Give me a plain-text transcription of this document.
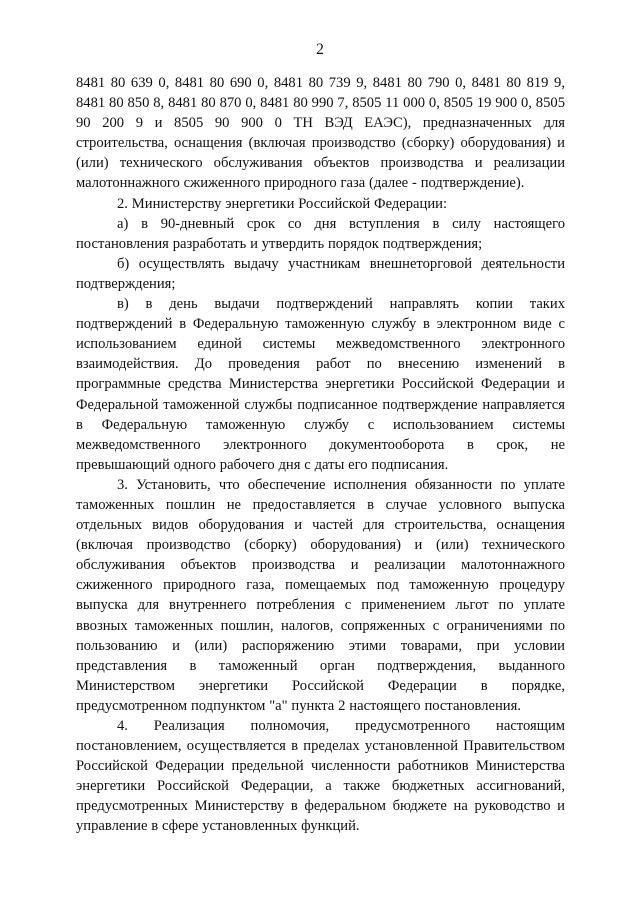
2

8481 80 639 0, 8481 80 690 0, 8481 80 739 9, 8481 80 790 0, 8481 80 819 9, 8481 80 850 8, 8481 80 870 0, 8481 80 990 7, 8505 11 000 0, 8505 19 900 0, 8505 90 200 9 и 8505 90 900 0 ТН ВЭД ЕАЭС), предназначенных для строительства, оснащения (включая производство (сборку) оборудования) и (или) технического обслуживания объектов производства и реализации малотоннажного сжиженного природного газа (далее - подтверждение).

2. Министерству энергетики Российской Федерации:

а) в 90-дневный срок со дня вступления в силу настоящего постановления разработать и утвердить порядок подтверждения;

б) осуществлять выдачу участникам внешнеторговой деятельности подтверждения;

в) в день выдачи подтверждений направлять копии таких подтверждений в Федеральную таможенную службу в электронном виде с использованием единой системы межведомственного электронного взаимодействия. До проведения работ по внесению изменений в программные средства Министерства энергетики Российской Федерации и Федеральной таможенной службы подписанное подтверждение направляется в Федеральную таможенную службу с использованием системы межведомственного электронного документооборота в срок, не превышающий одного рабочего дня с даты его подписания.

3. Установить, что обеспечение исполнения обязанности по уплате таможенных пошлин не предоставляется в случае условного выпуска отдельных видов оборудования и частей для строительства, оснащения (включая производство (сборку) оборудования) и (или) технического обслуживания объектов производства и реализации малотоннажного сжиженного природного газа, помещаемых под таможенную процедуру выпуска для внутреннего потребления с применением льгот по уплате ввозных таможенных пошлин, налогов, сопряженных с ограничениями по пользованию и (или) распоряжению этими товарами, при условии представления в таможенный орган подтверждения, выданного Министерством энергетики Российской Федерации в порядке, предусмотренном подпунктом "а" пункта 2 настоящего постановления.

4. Реализация полномочия, предусмотренного настоящим постановлением, осуществляется в пределах установленной Правительством Российской Федерации предельной численности работников Министерства энергетики Российской Федерации, а также бюджетных ассигнований, предусмотренных Министерству в федеральном бюджете на руководство и управление в сфере установленных функций.
